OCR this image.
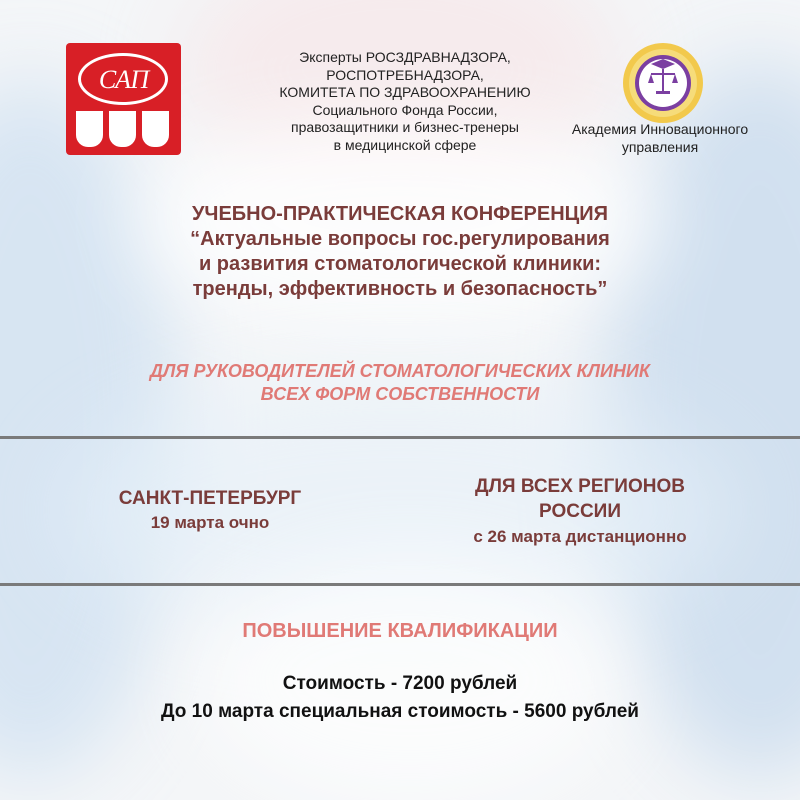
САП
Эксперты РОСЗДРАВНАДЗОРА,
РОСПОТРЕБНАДЗОРА,
КОМИТЕТА ПО ЗДРАВООХРАНЕНИЮ
Социального Фонда России,
правозащитники и бизнес-тренеры
в медицинской сфере
Академия Инновационного
управления
УЧЕБНО-ПРАКТИЧЕСКАЯ КОНФЕРЕНЦИЯ
“Актуальные вопросы гос.регулирования
и развития стоматологической клиники:
тренды, эффективность и безопасность”
ДЛЯ РУКОВОДИТЕЛЕЙ СТОМАТОЛОГИЧЕСКИХ КЛИНИК
ВСЕХ ФОРМ СОБСТВЕННОСТИ
САНКТ-ПЕТЕРБУРГ
19 марта очно
ДЛЯ ВСЕХ РЕГИОНОВ
РОССИИ
с 26 марта дистанционно
ПОВЫШЕНИЕ КВАЛИФИКАЦИИ
Стоимость - 7200 рублей
До 10 марта специальная стоимость - 5600 рублей
